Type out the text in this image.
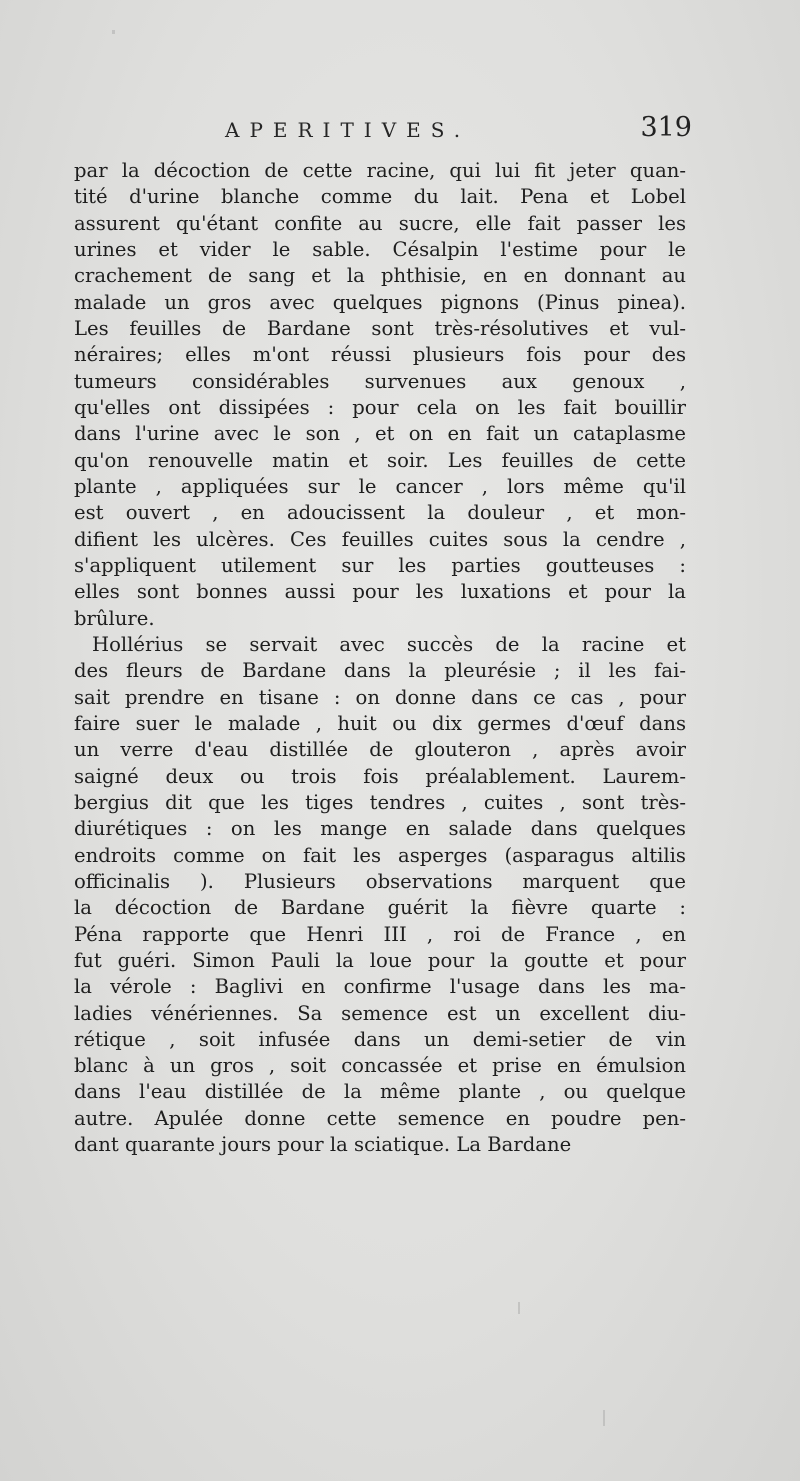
APERITIVES.	319
par la décoction de cette racine, qui lui fit jeter quan-
tité d'urine blanche comme du lait. Pena et Lobel
assurent qu'étant confite au sucre, elle fait passer les
urines et vider le sable. Césalpin l'estime pour le
crachement de sang et la phthisie, en en donnant au
malade un gros avec quelques pignons (Pinus pinea).
Les feuilles de Bardane sont très-résolutives et vul-
néraires; elles m'ont réussi plusieurs fois pour des
tumeurs considérables survenues aux genoux ,
qu'elles ont dissipées : pour cela on les fait bouillir
dans l'urine avec le son , et on en fait un cataplasme
qu'on renouvelle matin et soir. Les feuilles de cette
plante , appliquées sur le cancer , lors même qu'il
est ouvert , en adoucissent la douleur , et mon-
difient les ulcères. Ces feuilles cuites sous la cendre ,
s'appliquent utilement sur les parties goutteuses :
elles sont bonnes aussi pour les luxations et pour la
brûlure.
Hollérius se servait avec succès de la racine et
des fleurs de Bardane dans la pleurésie ; il les fai-
sait prendre en tisane : on donne dans ce cas , pour
faire suer le malade , huit ou dix germes d'œuf dans
un verre d'eau distillée de glouteron , après avoir
saigné deux ou trois fois préalablement. Laurem-
bergius dit que les tiges tendres , cuites , sont très-
diurétiques : on les mange en salade dans quelques
endroits comme on fait les asperges (asparagus altilis
officinalis ). Plusieurs observations marquent que
la décoction de Bardane guérit la fièvre quarte :
Péna rapporte que Henri III , roi de France , en
fut guéri. Simon Pauli la loue pour la goutte et pour
la vérole : Baglivi en confirme l'usage dans les ma-
ladies vénériennes. Sa semence est un excellent diu-
rétique , soit infusée dans un demi-setier de vin
blanc à un gros , soit concassée et prise en émulsion
dans l'eau distillée de la même plante , ou quelque
autre. Apulée donne cette semence en poudre pen-
dant quarante jours pour la sciatique. La Bardane
